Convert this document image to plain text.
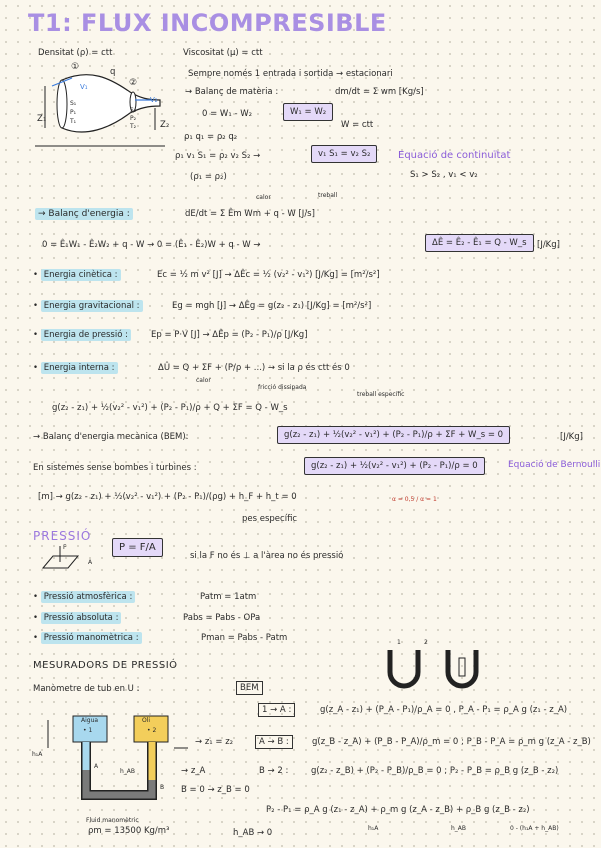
T1: FLUX INCOMPRESIBLE
Densitat (ρ) = ctt	Viscositat (μ) = ctt
Sempre només 1 entrada i sortida → estacionari
→ Balanç de matèria :	dm/dt = Σ wm [Kg/s]
0 = W₁ - W₂	W₁ = W₂
W = ctt
ρ₁ q₁ = ρ₂ q₂
ρ₁ v₁ S₁ = ρ₂ v₂ S₂ →	v₁ S₁ = v₂ S₂	Equació de continuïtat
(ρ₁ = ρ₂)	S₁ > S₂ , v₁ < v₂
①
②
q
V₁
V₂
S₁
P₁
T₁
S₂
P₂
T₂
Z₁
Z₂
→ Balanç d'energia :	dE/dt = Σ Êm Wm + q - W [J/s]
calor	treball
0 = Ê₁W₁ - Ê₂W₂ + q - W → 0 = (Ê₁ - Ê₂)W + q - W →	ΔÊ = Ê₂ - Ê₁ = Q - W_s	[J/Kg]
• Energia cinètica :	Ec = ½ m v² [J] → ΔÊc = ½ (v₂² - v₁²) [J/Kg] = [m²/s²]
• Energia gravitacional :	Eg = mgh [J] → ΔÊg = g(z₂ - z₁) [J/Kg] = [m²/s²]
• Energia de pressió :	Ep = P·V [J] → ΔÊp = (P₂ - P₁)/ρ [J/Kg]
• Energia interna :	ΔÛ = Q + ΣF + (P/ρ + ...) → si la ρ és ctt és 0
calor
fricció dissipada
g(z₂ - z₁) + ½(v₂² - v₁²) + (P₂ - P₁)/ρ + Q + ΣF = Q - W_s
treball específic
→ Balanç d'energia mecànica (BEM):	g(z₂ - z₁) + ½(v₂² - v₁²) + (P₂ - P₁)/ρ + ΣF + W_s = 0	[J/Kg]
En sistemes sense bombes i turbines :	g(z₂ - z₁) + ½(v₂² - v₁²) + (P₂ - P₁)/ρ = 0	Equació de Bernoulli
α = 0,5 / α = 1
[m] → g(z₂ - z₁) + ½(v₂² - v₁²) + (P₂ - P₁)/(ρg) + h_F + h_t = 0
pes específic
PRESSIÓ
F
A
P = F/A
si la F no és ⊥ a l'àrea no és pressió
• Pressió atmosfèrica :	Patm = 1atm
• Pressió absoluta :	Pabs = Pabs - OPa
• Pressió manomètrica :	Pman = Pabs - Patm	1	2
MESURADORS DE PRESSIÓ
Manòmetre de tub en U :	BEM
1 → A :	g(z_A - z₁) + (P_A - P₁)/ρ_A = 0 , P_A - P₁ = ρ_A g (z₁ - z_A)
→ z₁ = z₂	A → B :	g(z_B - z_A) + (P_B - P_A)/ρ_m = 0 ; P_B - P_A = ρ_m g (z_A - z_B)
→ z_A	B → 2 :	g(z₂ - z_B) + (P₂ - P_B)/ρ_B = 0 ; P₂ - P_B = ρ_B g (z_B - z₂)
B = 0 → z_B = 0
P₂ - P₁ = ρ_A g (z₁ - z_A) + ρ_m g (z_A - z_B) + ρ_B g (z_B - z₂)
h₁A	h_AB	0 - (h₁A + h_AB)
Aigua
• 1
Oli
• 2
A
B
h₁A
h_AB
Fluid manomètric
ρm = 13500 Kg/m³	h_AB → 0
